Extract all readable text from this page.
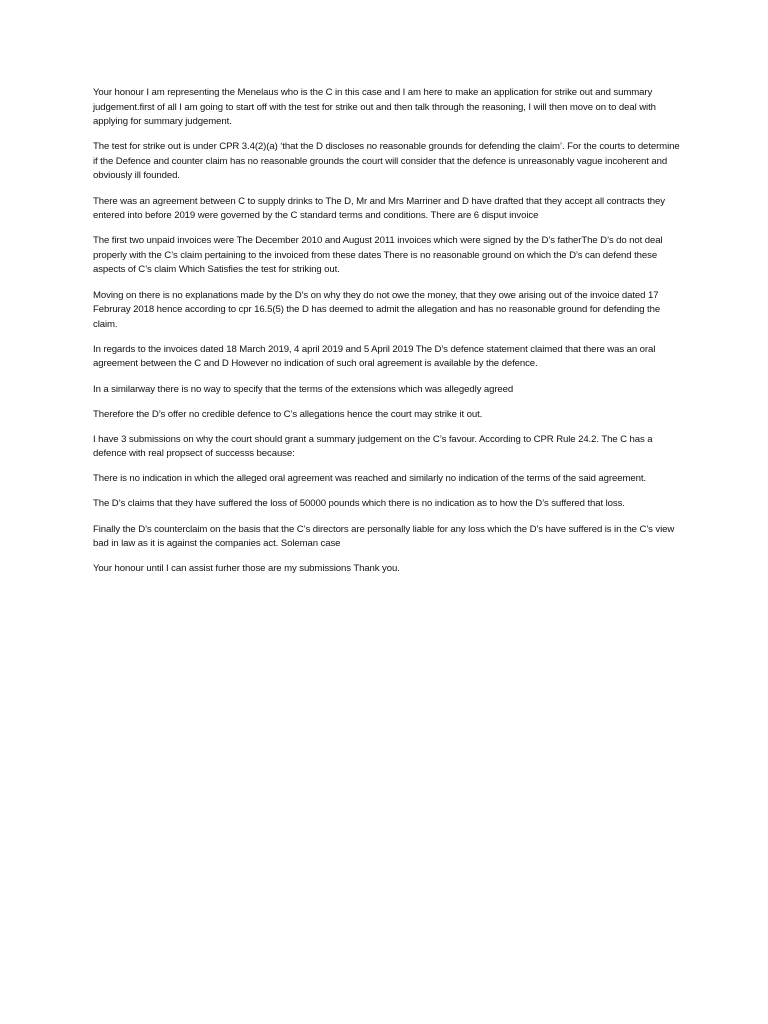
Your honour I am representing the Menelaus who is the C in this case and I am here to make an application for strike out and summary judgement.first of all I am going to start off with the test for strike out and then talk through the reasoning, I will then move on to deal with applying for summary judgement.

The test for strike out is under CPR 3.4(2)(a) ‘that the D discloses no reasonable grounds for defending the claim’. For the courts to determine if the Defence and counter claim has no reasonable grounds the court will consider that the defence is unreasonably vague incoherent and obviously ill founded.

There was an agreement between C to supply drinks to The D, Mr and Mrs Marriner and D have drafted that they accept all contracts they entered into before 2019 were governed by the C standard terms and conditions. There are 6 disput invoice

The first two unpaid invoices were The December 2010 and August 2011 invoices which were signed by the D’s fatherThe D’s do not deal properly with the C’s claim pertaining to the invoiced from these dates There is no reasonable ground on which the D’s can defend these aspects of C’s claim Which Satisfies the test for striking out.

Moving on there is no explanations made by the D’s on why they do not owe the money, that they owe arising out of the invoice dated 17 Februray 2018 hence according to cpr 16.5(5) the D has deemed to admit the allegation and has no reasonable ground for defending the claim.

In regards to the invoices dated 18 March 2019, 4 april 2019 and 5 April 2019 The D’s defence statement claimed that there was an oral agreement between the C and D However no indication of such oral agreement is available by the defence.

In a similarway there is no way to specify that the terms of the extensions which was allegedly agreed

Therefore the D’s offer no credible defence to C’s allegations hence the court may strike it out.

I have 3 submissions on why the court should grant a summary judgement on the C’s favour. According to CPR Rule 24.2. The C has a defence with real propsect of successs because:

There is no indication in which the alleged oral agreement was reached and similarly no indication of the terms of the said agreement.

The D’s claims that they have suffered the loss of 50000 pounds which there is no indication as to how the D’s suffered that loss.

Finally the D’s counterclaim on the basis that the C’s directors are personally liable for any loss which the D’s have suffered is in the C’s view bad in law as it is against the companies act. Soleman case

Your honour until I can assist furher those are my submissions Thank you.
